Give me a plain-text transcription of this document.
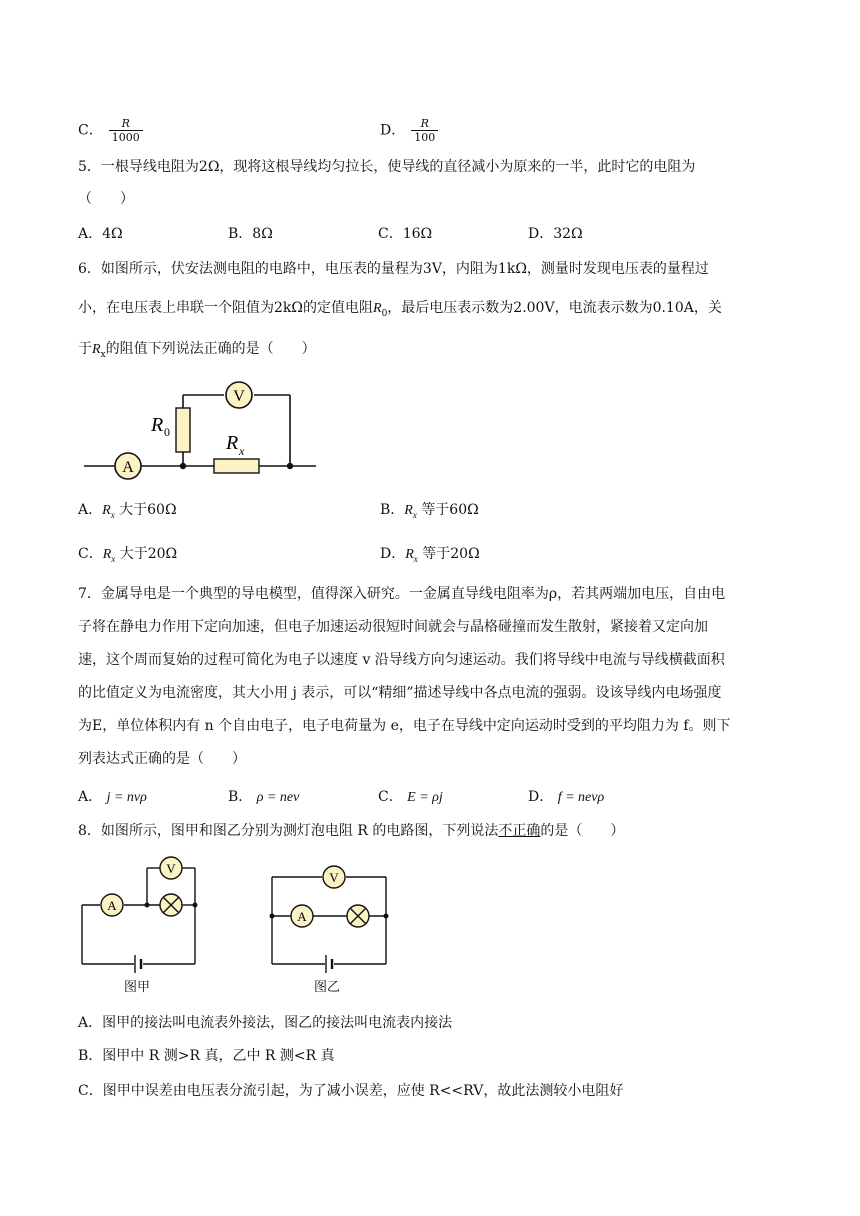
C． $\frac{R}{1000}$	D． $\frac{R}{100}$
5．一根导线电阻为2Ω，现将这根导线均匀拉长，使导线的直径减小为原来的一半，此时它的电阻为
（　　）
A．4Ω	B．8Ω	C．16Ω	D．32Ω
6．如图所示，伏安法测电阻的电路中，电压表的量程为3V，内阻为1kΩ，测量时发现电压表的量程过
小，在电压表上串联一个阻值为2kΩ的定值电阻$R_0$，最后电压表示数为2.00V，电流表示数为0.10A，关
于$R_x$的阻值下列说法正确的是（　　）
V
A
R 0	R x
A．$R_x$ 大于60Ω	B．$R_x$ 等于60Ω
C．$R_x$ 大于20Ω	D．$R_x$ 等于20Ω
7．金属导电是一个典型的导电模型，值得深入研究。一金属直导线电阻率为ρ，若其两端加电压，自由电
子将在静电力作用下定向加速，但电子加速运动很短时间就会与晶格碰撞而发生散射，紧接着又定向加
速，这个周而复始的过程可简化为电子以速度 v 沿导线方向匀速运动。我们将导线中电流与导线横截面积
的比值定义为电流密度，其大小用 j 表示，可以“精细”描述导线中各点电流的强弱。设该导线内电场强度
为E，单位体积内有 n 个自由电子，电子电荷量为 e，电子在导线中定向运动时受到的平均阻力为 f。则下
列表达式正确的是（　　）
A． j = nvρ	B． ρ = nev	C． E = ρj	D． f = nevρ
8．如图所示，图甲和图乙分别为测灯泡电阻 R 的电路图，下列说法不正确的是（　　）
A
V
V
A
图甲	图乙
A．图甲的接法叫电流表外接法，图乙的接法叫电流表内接法
B．图甲中 R 测>R 真，乙中 R 测<R 真
C．图甲中误差由电压表分流引起，为了减小误差，应使 R<<RV，故此法测较小电阻好
